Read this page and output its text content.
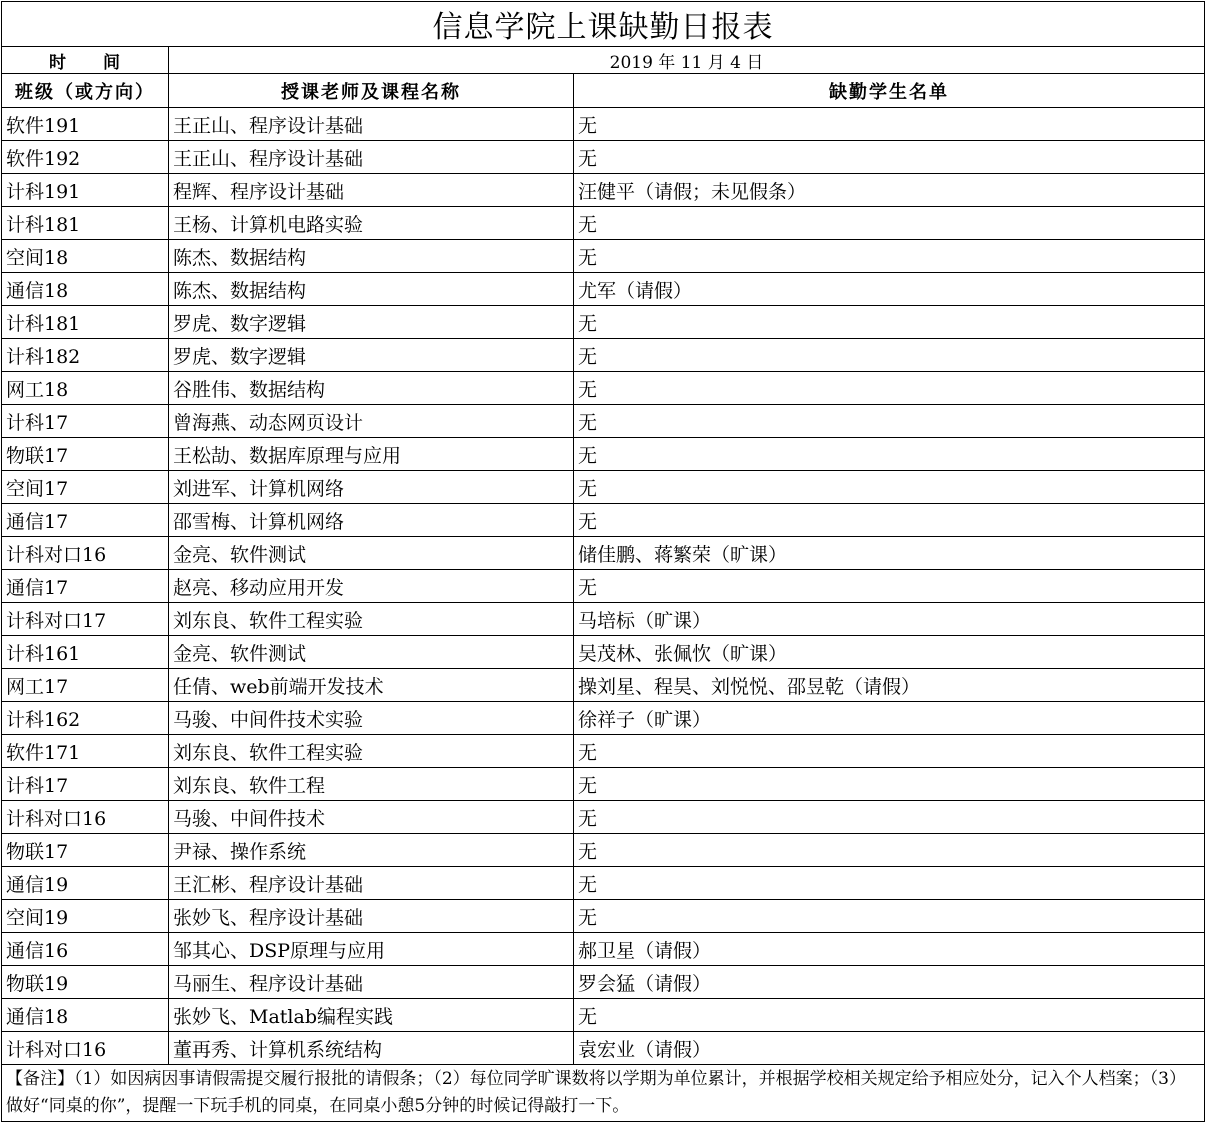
信息学院上课缺勤日报表		
时　　间	2019 年 11 月 4 日	
班级（或方向）	授课老师及课程名称	缺勤学生名单
软件191	王正山、程序设计基础	无
软件192	王正山、程序设计基础	无
计科191	程辉、程序设计基础	汪健平（请假；未见假条）
计科181	王杨、计算机电路实验	无
空间18	陈杰、数据结构	无
通信18	陈杰、数据结构	尤军（请假）
计科181	罗虎、数字逻辑	无
计科182	罗虎、数字逻辑	无
网工18	谷胜伟、数据结构	无
计科17	曾海燕、动态网页设计	无
物联17	王松劼、数据库原理与应用	无
空间17	刘进军、计算机网络	无
通信17	邵雪梅、计算机网络	无
计科对口16	金亮、软件测试	储佳鹏、蒋繁荣（旷课）
通信17	赵亮、移动应用开发	无
计科对口17	刘东良、软件工程实验	马培标（旷课）
计科161	金亮、软件测试	吴茂林、张佩忺（旷课）
网工17	任倩、web前端开发技术	操刘星、程昊、刘悦悦、邵昱乾（请假）
计科162	马骏、中间件技术实验	徐祥子（旷课）
软件171	刘东良、软件工程实验	无
计科17	刘东良、软件工程	无
计科对口16	马骏、中间件技术	无
物联17	尹禄、操作系统	无
通信19	王汇彬、程序设计基础	无
空间19	张妙飞、程序设计基础	无
通信16	邹其心、DSP原理与应用	郝卫星（请假）
物联19	马丽生、程序设计基础	罗会猛（请假）
通信18	张妙飞、Matlab编程实践	无
计科对口16	董再秀、计算机系统结构	袁宏业（请假）
【备注】（1）如因病因事请假需提交履行报批的请假条；（2）每位同学旷课数将以学期为单位累计，并根据学校相关规定给予相应处分，记入个人档案；（3）做好“同桌的你”，提醒一下玩手机的同桌，在同桌小憩5分钟的时候记得敲打一下。		
